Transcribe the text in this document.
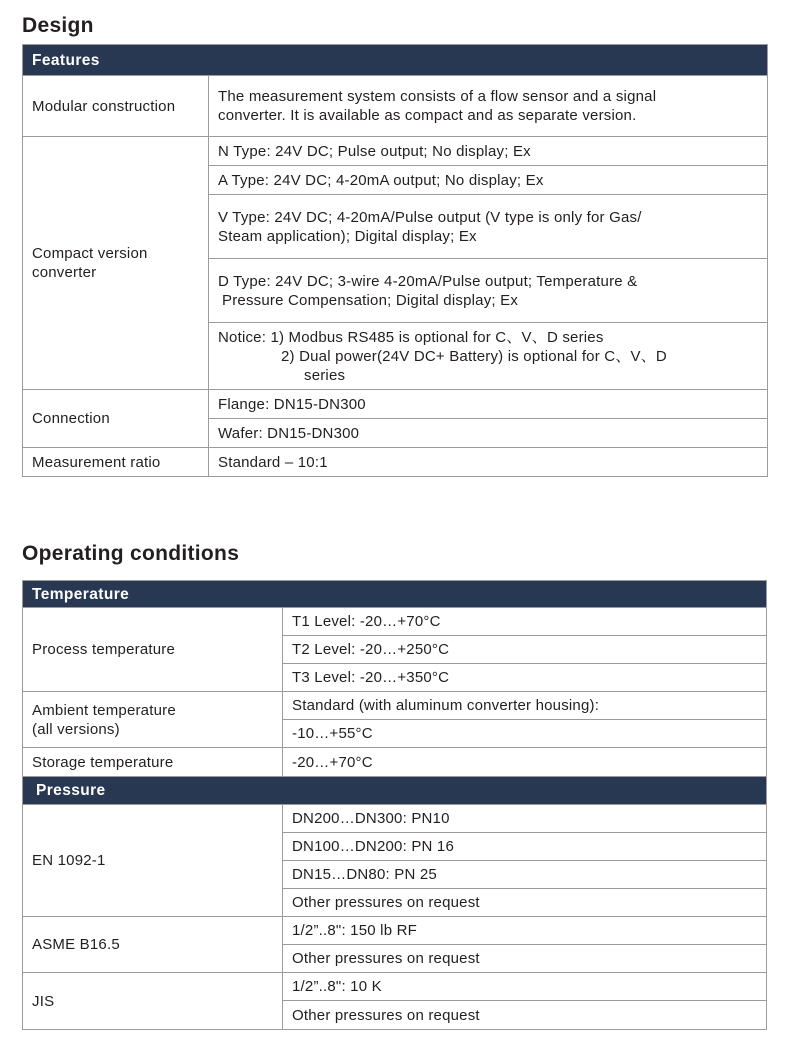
Design
Features	
Modular construction	The measurement system consists of a flow sensor and a signal
converter. It is available as compact and as separate version.

Compact version
converter	N Type: 24V DC; Pulse output; No display; Ex
	A Type: 24V DC; 4-20mA output; No display; Ex

	V Type: 24V DC; 4-20mA/Pulse output (V type is only for Gas/
Steam application); Digital display; Ex

	D Type: 24V DC; 3-wire 4-20mA/Pulse output; Temperature &
Pressure Compensation; Digital display; Ex

	Notice: 1) Modbus RS485 is optional for C、V、D series
2) Dual power(24V DC+ Battery) is optional for C、V、D
series

Connection	Flange: DN15-DN300
	Wafer: DN15-DN300
Measurement ratio	Standard – 10:1
Operating conditions
Temperature	
Process temperature	T1 Level: -20…+70°C
	T2 Level: -20…+250°C
	T3 Level: -20…+350°C

Ambient temperature
(all versions)	Standard (with aluminum converter housing):
	-10…+55°C
Storage temperature	-20…+70°C
Pressure	
EN 1092-1	DN200…DN300: PN10
	DN100…DN200: PN 16
	DN15…DN80: PN 25
	Other pressures on request
ASME B16.5	1/2”..8": 150 lb RF
	Other pressures on request
JIS	1/2”..8": 10 K
	Other pressures on request
